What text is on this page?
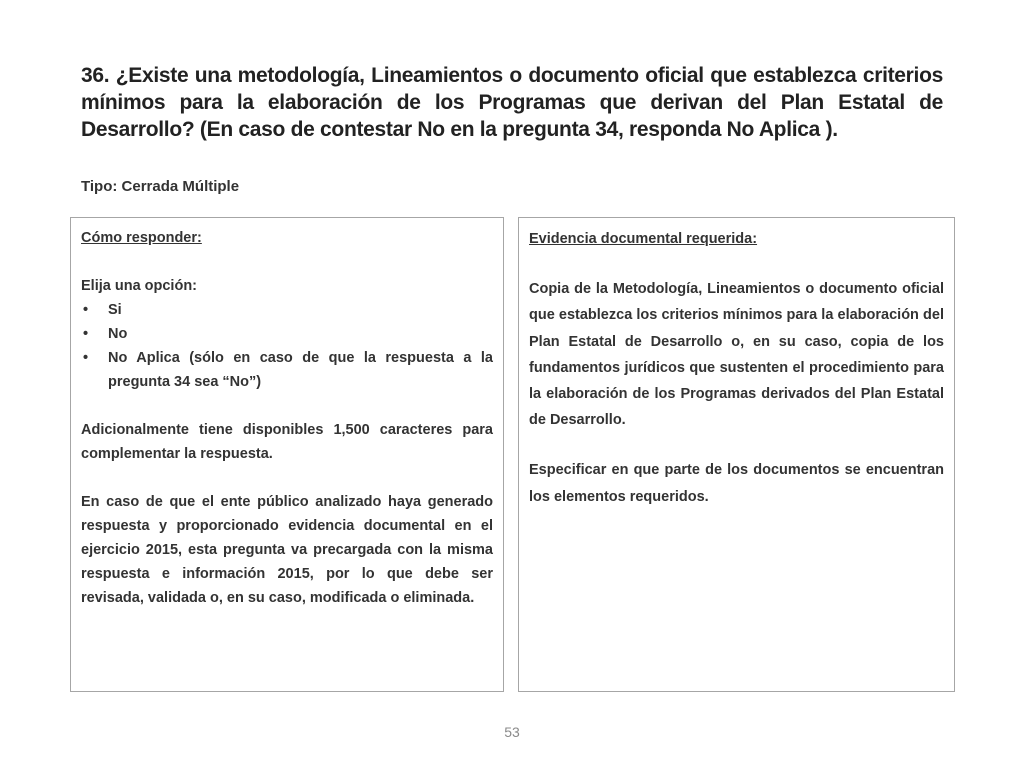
36. ¿Existe una metodología, Lineamientos o documento oficial que establezca criterios mínimos para la elaboración de los Programas que derivan del Plan Estatal de Desarrollo? (En caso de contestar No en la pregunta 34, responda No Aplica ).
Tipo: Cerrada Múltiple

Cómo responder:

Elija una opción:

• Si
• No
• No Aplica (sólo en caso de que la respuesta a la pregunta 34 sea “No”)

Adicionalmente tiene disponibles 1,500 caracteres para complementar la respuesta.

En caso de que el ente público analizado haya generado respuesta y proporcionado evidencia documental en el ejercicio 2015, esta pregunta va precargada con la misma respuesta e información 2015, por lo que debe ser revisada, validada o, en su caso, modificada o eliminada.

Evidencia documental requerida:

Copia de la Metodología, Lineamientos o documento oficial que establezca los criterios mínimos para la elaboración del Plan Estatal de Desarrollo o, en su caso, copia de los fundamentos jurídicos que sustenten el procedimiento para la elaboración de los Programas derivados del Plan Estatal de Desarrollo.

Especificar en que parte de los documentos se encuentran los elementos requeridos.

53
